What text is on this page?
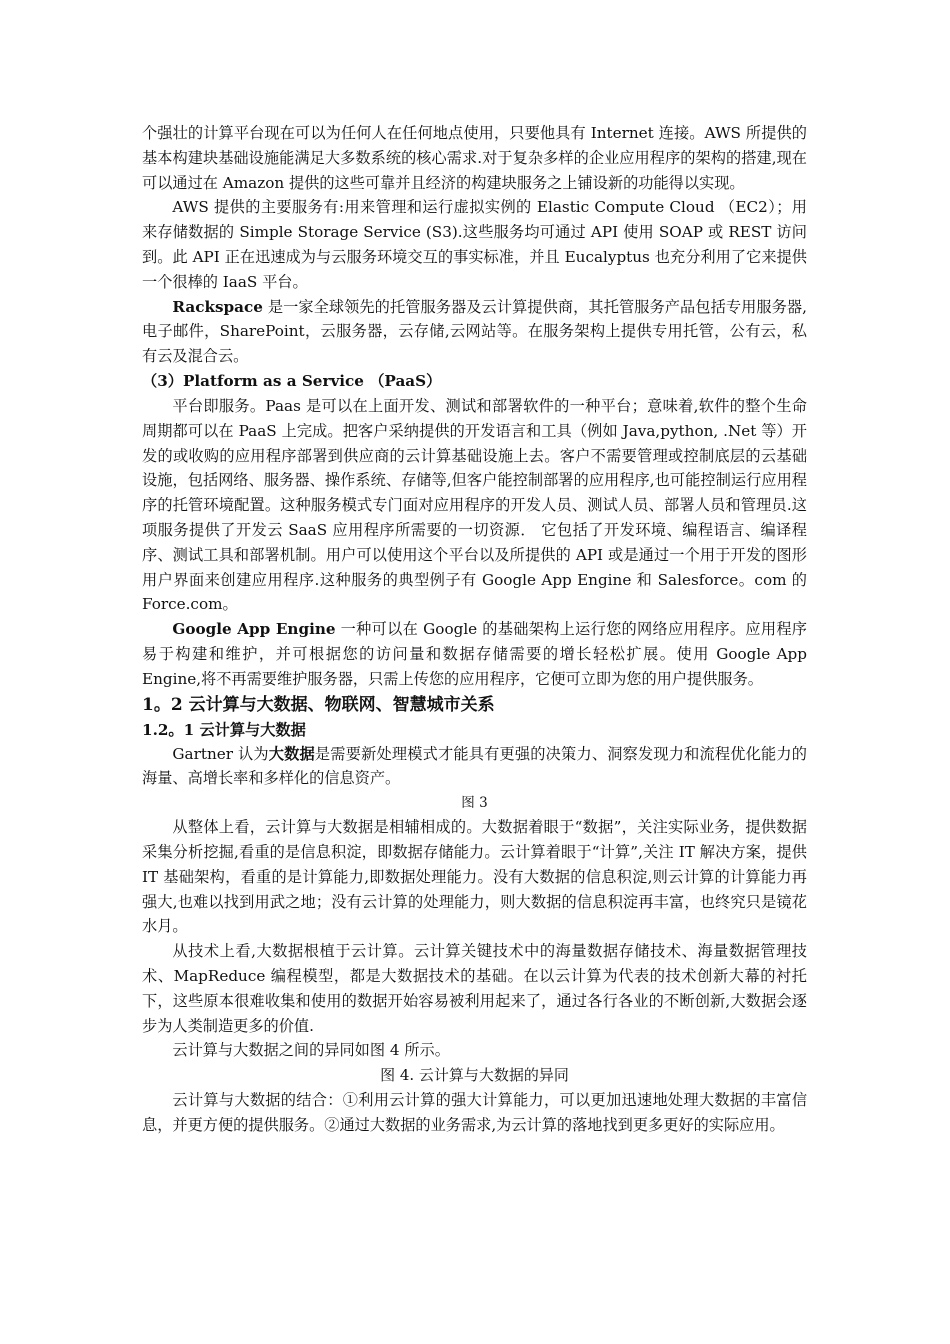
个强壮的计算平台现在可以为任何人在任何地点使用，只要他具有 Internet 连接。AWS 所提供的基本构建块基础设施能满足大多数系统的核心需求.对于复杂多样的企业应用程序的架构的搭建,现在可以通过在 Amazon 提供的这些可靠并且经济的构建块服务之上铺设新的功能得以实现。

AWS 提供的主要服务有:用来管理和运行虚拟实例的 Elastic Compute Cloud （EC2）；用来存储数据的 Simple Storage Service (S3).这些服务均可通过 API 使用 SOAP 或 REST 访问到。此 API 正在迅速成为与云服务环境交互的事实标准，并且 Eucalyptus 也充分利用了它来提供一个很棒的 IaaS 平台。

Rackspace 是一家全球领先的托管服务器及云计算提供商，其托管服务产品包括专用服务器,电子邮件，SharePoint，云服务器，云存储,云网站等。在服务架构上提供专用托管，公有云，私有云及混合云。

（3）Platform as a Service （PaaS）

平台即服务。Paas 是可以在上面开发、测试和部署软件的一种平台；意味着,软件的整个生命周期都可以在 PaaS 上完成。把客户采纳提供的开发语言和工具（例如 Java,python, .Net 等）开发的或收购的应用程序部署到供应商的云计算基础设施上去。客户不需要管理或控制底层的云基础设施，包括网络、服务器、操作系统、存储等,但客户能控制部署的应用程序,也可能控制运行应用程序的托管环境配置。这种服务模式专门面对应用程序的开发人员、测试人员、部署人员和管理员.这项服务提供了开发云 SaaS 应用程序所需要的一切资源． 它包括了开发环境、编程语言、编译程序、测试工具和部署机制。用户可以使用这个平台以及所提供的 API 或是通过一个用于开发的图形用户界面来创建应用程序.这种服务的典型例子有 Google App Engine 和 Salesforce。com 的 Force.com。

Google App Engine 一种可以在 Google 的基础架构上运行您的网络应用程序。应用程序易于构建和维护，并可根据您的访问量和数据存储需要的增长轻松扩展。使用 Google App Engine,将不再需要维护服务器，只需上传您的应用程序，它便可立即为您的用户提供服务。

1。2 云计算与大数据、物联网、智慧城市关系

1.2。1 云计算与大数据

Gartner 认为大数据是需要新处理模式才能具有更强的决策力、洞察发现力和流程优化能力的海量、高增长率和多样化的信息资产。

图 3

从整体上看，云计算与大数据是相辅相成的。大数据着眼于“数据”，关注实际业务，提供数据采集分析挖掘,看重的是信息积淀，即数据存储能力。云计算着眼于“计算”,关注 IT 解决方案，提供 IT 基础架构，看重的是计算能力,即数据处理能力。没有大数据的信息积淀,则云计算的计算能力再强大,也难以找到用武之地；没有云计算的处理能力，则大数据的信息积淀再丰富，也终究只是镜花水月。

从技术上看,大数据根植于云计算。云计算关键技术中的海量数据存储技术、海量数据管理技术、MapReduce 编程模型，都是大数据技术的基础。在以云计算为代表的技术创新大幕的衬托下，这些原本很难收集和使用的数据开始容易被利用起来了，通过各行各业的不断创新,大数据会逐步为人类制造更多的价值.

云计算与大数据之间的异同如图 4 所示。

图 4. 云计算与大数据的异同

云计算与大数据的结合：①利用云计算的强大计算能力，可以更加迅速地处理大数据的丰富信息，并更方便的提供服务。②通过大数据的业务需求,为云计算的落地找到更多更好的实际应用。
